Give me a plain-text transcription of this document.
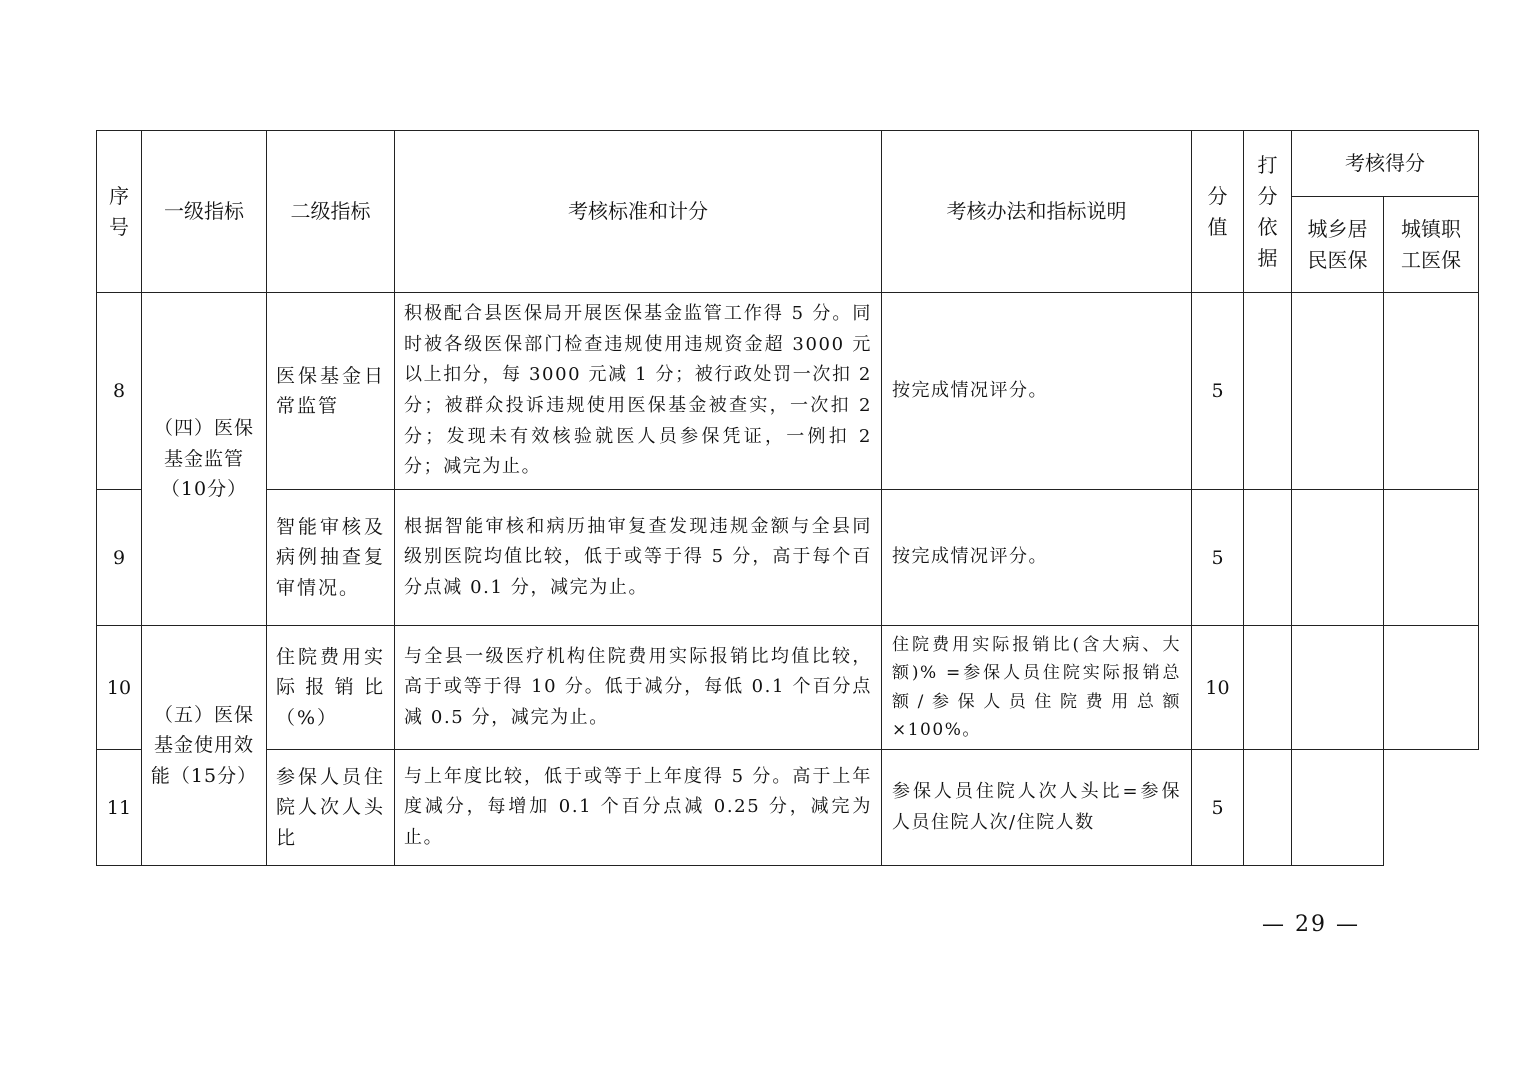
序号	一级指标	二级指标	考核标准和计分	考核办法和指标说明	分值	打分依据	考核得分	
							城乡居民医保	城镇职工医保
8	（四）医保基金监管（10分）	医保基金日常监管	积极配合县医保局开展医保基金监管工作得 5 分。同时被各级医保部门检查违规使用违规资金超 3000 元以上扣分，每 3000 元减 1 分；被行政处罚一次扣 2 分；被群众投诉违规使用医保基金被查实，一次扣 2 分；发现未有效核验就医人员参保凭证，一例扣 2 分；减完为止。	按完成情况评分。	5			
9		智能审核及病例抽查复审情况。	根据智能审核和病历抽审复查发现违规金额与全县同级别医院均值比较，低于或等于得 5 分，高于每个百分点减 0.1 分，减完为止。	按完成情况评分。	5			
10	（五）医保基金使用效能（15分）	住院费用实际报销比（%）	与全县一级医疗机构住院费用实际报销比均值比较，高于或等于得 10 分。低于减分，每低 0.1 个百分点减 0.5 分，减完为止。	住院费用实际报销比(含大病、大额)% =参保人员住院实际报销总额/参保人员住院费用总额×100%。	10			
11		参保人员住院人次人头比	与上年度比较，低于或等于上年度得 5 分。高于上年度减分，每增加 0.1 个百分点减 0.25 分，减完为止。	参保人员住院人次人头比=参保人员住院人次/住院人数	5			
— 29 —
